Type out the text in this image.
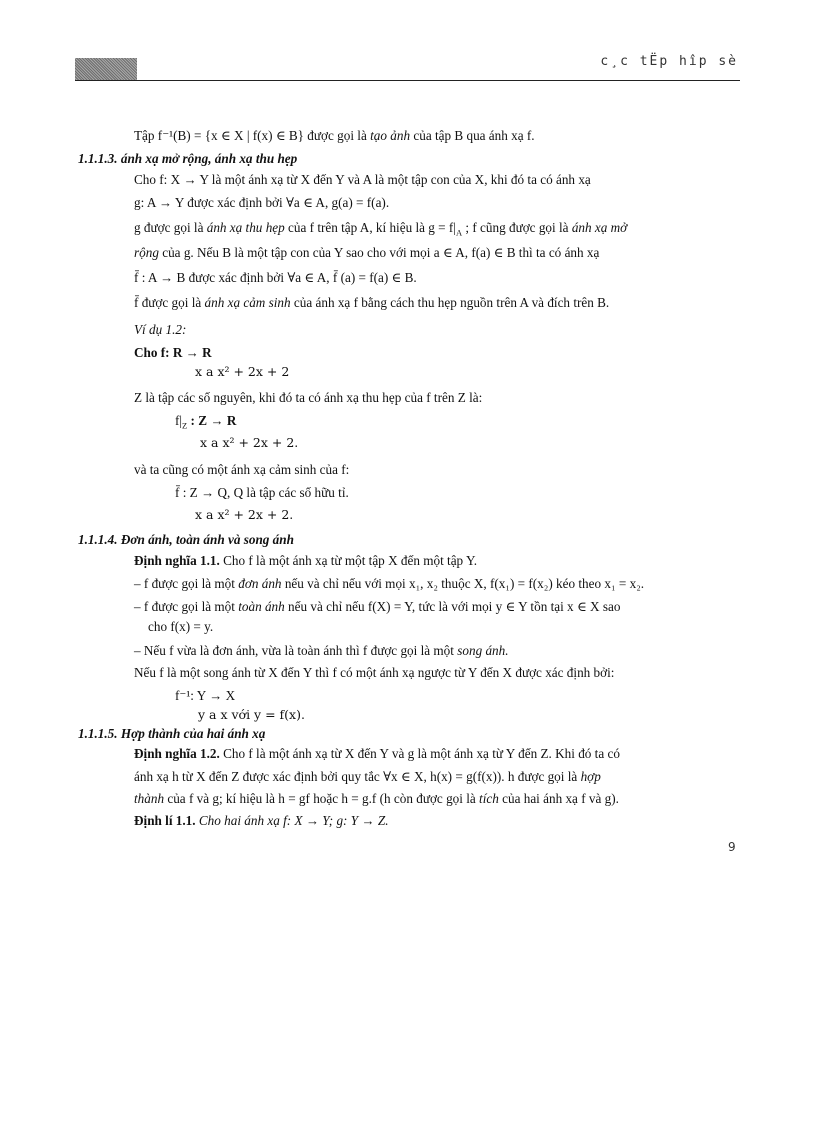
c¸c tËp hîp sè
Tập f⁻¹(B) = {x ∈ X | f(x) ∈ B} được gọi là tạo ảnh của tập B qua ánh xạ f.
1.1.1.3. ánh xạ mở rộng, ánh xạ thu hẹp
Cho f: X → Y là một ánh xạ từ X đến Y và A là một tập con của X, khi đó ta có ánh xạ
g: A → Y được xác định bởi ∀a ∈ A, g(a) = f(a).
g được gọi là ánh xạ thu hẹp của f trên tập A, kí hiệu là $g = f|_A$ ; f cũng được gọi là ánh xạ mở
rộng của g. Nếu B là một tập con của Y sao cho với mọi a ∈ A, f(a) ∈ B thì ta có ánh xạ
f̄ : A → B được xác định bởi ∀a ∈ A, f̄ (a) = f(a) ∈ B.
f̄ được gọi là ánh xạ cảm sinh của ánh xạ f bằng cách thu hẹp nguồn trên A và đích trên B.
Ví dụ 1.2:
Cho f: R → R
x a x² + 2x + 2
Z là tập các số nguyên, khi đó ta có ánh xạ thu hẹp của f trên Z là:
$f|_Z$ : Z → R
x a x² + 2x + 2.
và ta cũng có một ánh xạ cảm sinh của f:
f̄ : Z → Q, Q là tập các số hữu tỉ.
x a x² + 2x + 2.
1.1.1.4. Đơn ánh, toàn ánh và song ánh
Định nghĩa 1.1. Cho f là một ánh xạ từ một tập X đến một tập Y.
– f được gọi là một đơn ánh nếu và chỉ nếu với mọi x₁, x₂ thuộc X, f(x₁) = f(x₂) kéo theo x₁ = x₂.
– f được gọi là một toàn ánh nếu và chỉ nếu f(X) = Y, tức là với mọi y ∈ Y tồn tại x ∈ X sao
cho f(x) = y.
– Nếu f vừa là đơn ánh, vừa là toàn ánh thì f được gọi là một song ánh.
Nếu f là một song ánh từ X đến Y thì f có một ánh xạ ngược từ Y đến X được xác định bởi:
f⁻¹: Y → X
y a x với y = f(x).
1.1.1.5. Hợp thành của hai ánh xạ
Định nghĩa 1.2. Cho f là một ánh xạ từ X đến Y và g là một ánh xạ từ Y đến Z. Khi đó ta có
ánh xạ h từ X đến Z được xác định bởi quy tắc ∀x ∈ X, h(x) = g(f(x)). h được gọi là hợp
thành của f và g; kí hiệu là h = gf hoặc h = g.f (h còn được gọi là tích của hai ánh xạ f và g).
Định lí 1.1. Cho hai ánh xạ f: X → Y; g: Y → Z.
9
